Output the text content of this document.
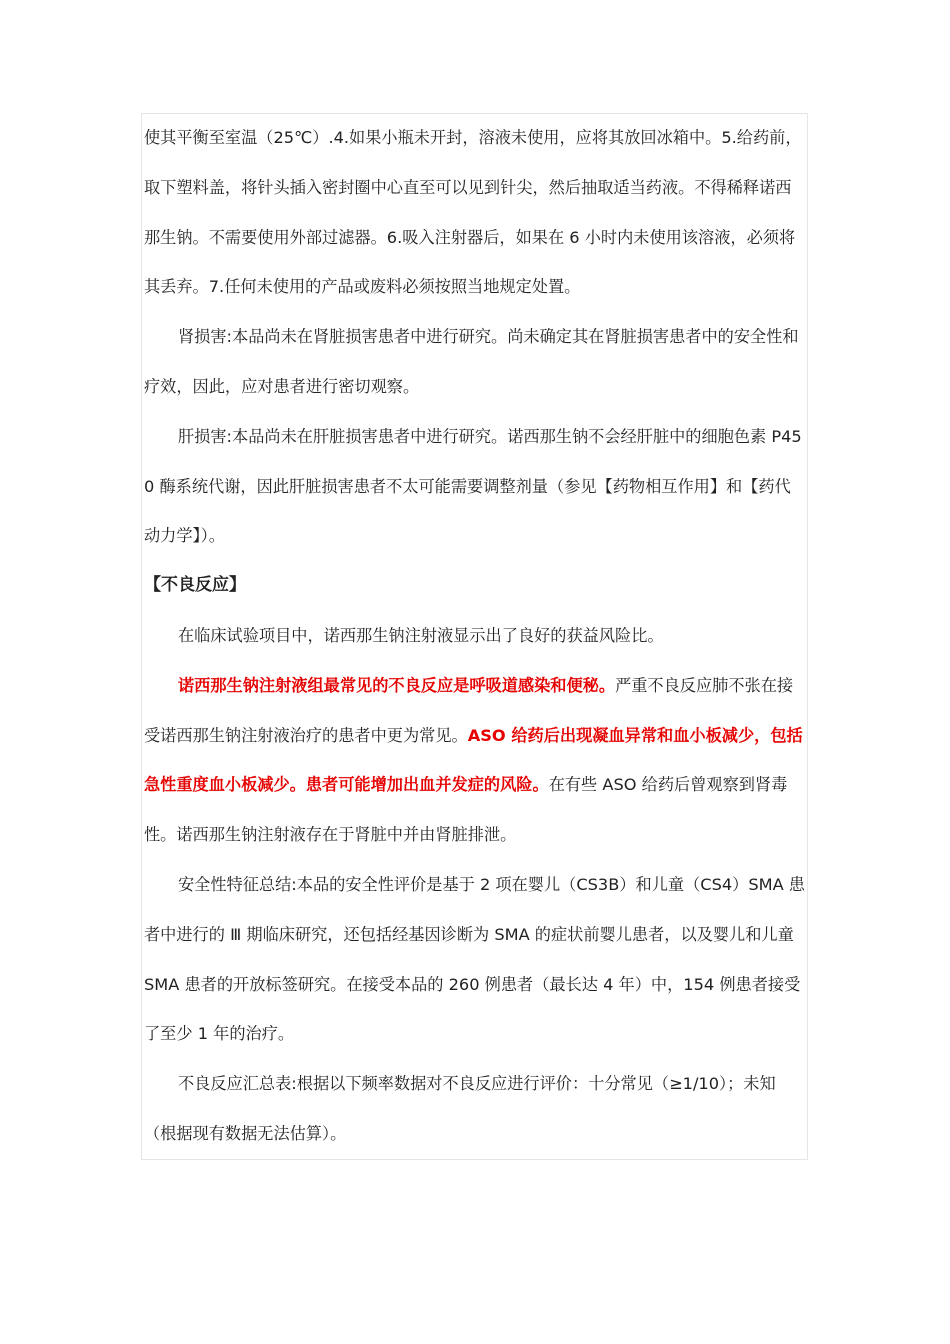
使其平衡至室温（25℃）.4.如果小瓶未开封，溶液未使用，应将其放回冰箱中。5.给药前，取下塑料盖，将针头插入密封圈中心直至可以见到针尖，然后抽取适当药液。不得稀释诺西那生钠。不需要使用外部过滤器。6.吸入注射器后，如果在 6 小时内未使用该溶液，必须将其丢弃。7.任何未使用的产品或废料必须按照当地规定处置。

肾损害:本品尚未在肾脏损害患者中进行研究。尚未确定其在肾脏损害患者中的安全性和疗效，因此，应对患者进行密切观察。

肝损害:本品尚未在肝脏损害患者中进行研究。诺西那生钠不会经肝脏中的细胞色素 P450 酶系统代谢，因此肝脏损害患者不太可能需要调整剂量（参见【药物相互作用】和【药代动力学】）。

【不良反应】

在临床试验项目中，诺西那生钠注射液显示出了良好的获益风险比。

诺西那生钠注射液组最常见的不良反应是呼吸道感染和便秘。严重不良反应肺不张在接受诺西那生钠注射液治疗的患者中更为常见。ASO 给药后出现凝血异常和血小板减少，包括急性重度血小板减少。患者可能增加出血并发症的风险。在有些 ASO 给药后曾观察到肾毒性。诺西那生钠注射液存在于肾脏中并由肾脏排泄。

安全性特征总结:本品的安全性评价是基于 2 项在婴儿（CS3B）和儿童（CS4）SMA 患者中进行的 Ⅲ 期临床研究，还包括经基因诊断为 SMA 的症状前婴儿患者，以及婴儿和儿童 SMA 患者的开放标签研究。在接受本品的 260 例患者（最长达 4 年）中，154 例患者接受了至少 1 年的治疗。

不良反应汇总表:根据以下频率数据对不良反应进行评价：十分常见（≥1/10）；未知（根据现有数据无法估算）。
